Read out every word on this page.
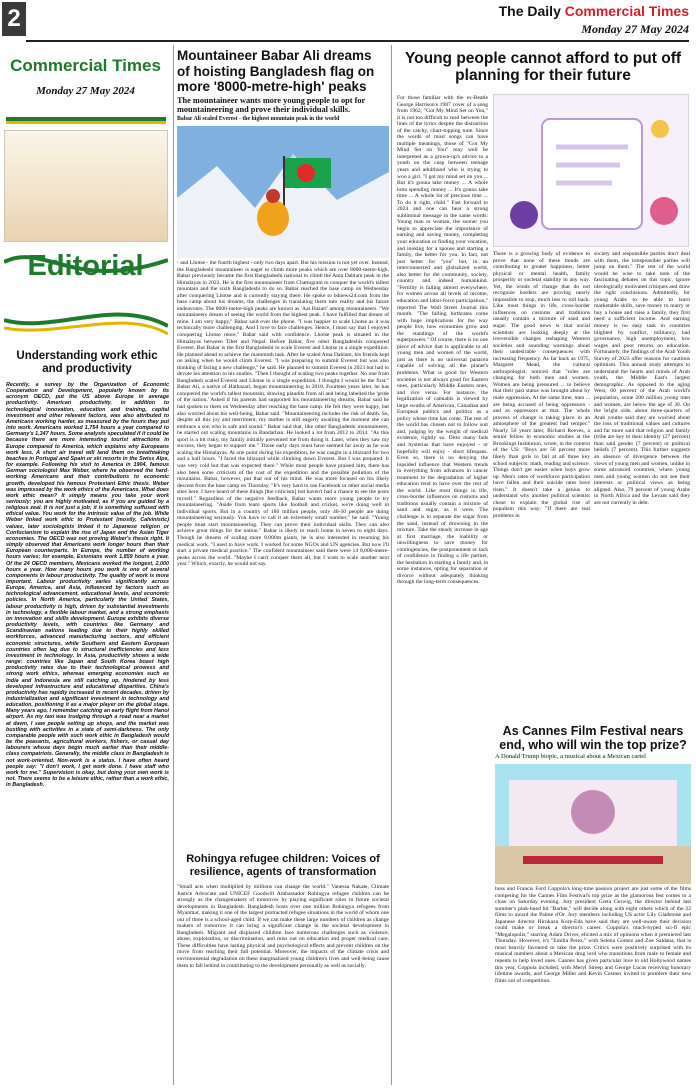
2	The Daily Commercial Times
Monday 27 May 2024
Commercial Times
Monday 27 May 2024
Editorial
Understanding work ethic and productivity
Recently, a survey by the Organization of Economic Cooperation and Development, popularly known by its acronym OECD, put the US above Europe in average productivity. American productivity, in addition to technological innovation, education and training, capital investment and other relevant factors, was also attributed to Americans working harder, as measured by the hours they put into work. Americans worked 1,754 hours a year compared to Germany's 1,347 hours. Some analysts speculated if it could be because there are more interesting tourist attractions in Europe compared to America, which explains why Europeans work less. A short air travel will land them on breathtaking beaches in Portugal and Spain or ski resorts in the Swiss Alps, for example. Following his visit to America in 1904, famous German sociologist Max Weber, where he observed the hard-working Americans and their contributions to economic growth, developed his famous Protestant Ethic thesis. Weber was impressed by the work ethics of the Americans. What does work ethic mean? It simply means you take your work seriously; you are highly motivated, as if you are guided by a religious zeal. It is not just a job; it is something suffused with ethical value. You work for the intrinsic value of the job. While Weber linked work ethic to Protestant (mostly, Calvinistic) values, later sociologists linked it to Japanese religion or Confucianism to explain the rise of Japan and the Asian Tiger economies. The OECD was not proving Weber's thesis right. It simply observed that Americans work longer hours than their European counterparts. In Europe, the number of working hours varies; for example, Estonians work 1,859 hours a year. Of the 24 OECD members, Mexicans worked the longest, 2,000 hours a year. How many hours you work is one of several components in labour productivity. The quality of work is more important. Labour productivity varies significantly across Europe, America, and Asia, influenced by factors such as technological advancement, educational levels, and economic policies. In North America, particularly the United States, labour productivity is high, driven by substantial investments in technology, a flexible labour market, and a strong emphasis on innovation and skills development. Europe exhibits diverse productivity levels, with countries like Germany and Scandinavian nations leading due to their highly skilled workforces, advanced manufacturing sectors, and efficient economic structures, while Southern and Eastern European countries often lag due to structural inefficiencies and less investment in technology. In Asia, productivity shows a wide range: countries like Japan and South Korea boast high productivity rates due to their technological prowess and strong work ethics, whereas emerging economies such as India and Indonesia are still catching up, hindered by less developed infrastructure and educational disparities. China's productivity has rapidly increased in recent decades, driven by industrialization and significant investment in technology and education, positioning it as a major player on the global stage. Many years ago, I remember catching an early flight from Hanoi airport. As my taxi was trudging through a road near a market at dawn, I saw people setting up shops, and the market was bustling with activities in a state of semi-darkness. The only comparable people with such work ethic in Bangladesh would be the peasants, agricultural workers, fishers, or casual day labourers whose days begin much earlier than their middle-class compatriots. Generally, the middle class in Bangladesh is not work-oriented. Non-work is a status. I have often heard people say: "I don't work, I get work done. I have staff who work for me." Supervision is okay, but doing your own work is not. There seems to be a leisure ethic, rather than a work ethic, in Bangladesh.
Mountaineer Babar Ali dreams of hoisting Bangladesh flag on more '8000-metre-high' peaks
The mountaineer wants more young people to opt for mountaineering and prove their individual skills.
Babar Ali scaled Everest - the highest mountain peak in the world
- and Lhotse - the fourth highest - only two days apart. But his mission is not yet over. Instead, the Bangladeshi mountaineer is eager to climb more peaks which are over 8000-metre-high. Babar previously became the first Bangladeshi national to climb the Ama Dablam peak in the Himalayas in 2022. He is the first mountaineer from Chattogram to conquer the world's tallest mountain and the sixth Bangladeshi to do so. Babar reached the base camp on Wednesday after conquering Lhotse and is currently staying there. He spoke to bdnews24.com from the base camp about his dreams, the challenges in translating them into reality and his future endeavours. The 8000-metre-high peaks are known as 'Aat Hazari' among mountaineers. "We mountaineers dream of seeing the world from the highest peak. I have fulfilled that dream of mine. I am very happy," Babar said over the phone. "I was happier to scale Lhotse as it was technically more challenging. And I love to face challenges. Hence, I must say that I enjoyed conquering Lhotse more," Babar said with confidence. Lhotse peak is situated in the Himalayas between Tibet and Nepal. Before Babar, five other Bangladeshis conquered Everest. But Babar is the first Bangladeshi to scale Everest and Lhotse in a single expedition. He planned ahead to achieve the mammoth task. After he scaled Ama Dablam, his friends kept on asking when he would climb Everest. "I was preparing to summit Everest but was also thinking of facing a new challenge," he said. He planned to summit Everest in 2023 but had to devote his attention to his studies. "Then I thought of scaling two peaks together. No one from Bangladesh scaled Everest and Lhotse in a single expedition. I thought I would be the first." Babar Ali, a native of Hathazari, began mountaineering in 2010. Fourteen years later, he has conquered the world's tallest mountain, drawing plaudits from all and being labelled the 'pride of the nation.' Asked if his parents had supported his mountaineering dreams, Babar said he had spoken to them on Wednesday after reaching the base camp. He felt they were happy, but also worried about his well-being, Babar said. "Mountaineering includes the risk of death. So, despite all this joy and merriment, my mother is still eagerly awaiting the moment she can embrace a son who is safe and sound." Babar said that, like other Bangladeshi mountaineers, he started out scaling mountains in Bandarban. He looked a lot from 2012 to 2014. "As this sport is a bit risky, my family initially prevented me from doing it. Later, when they saw my success, they began to support me." Those early days must have seemed far away as he was scaling the Himalayas. At one point during his expedition, he was caught in a blizzard for two and a half hours. "I faced the blizzard while climbing down Everest. But I was prepared. It was very cold but that was expected there." While most people have praised him, there has also been some criticism of the cost of the expedition and the possible pollution of the mountains. Babar, however, put that out of his mind. He was more focused on his likely descent from the base camp on Thursday. "It's very hard to use Facebook or other social media sites here. I have heard of these things [the criticism] but haven't had a chance to see the posts myself." Regardless of the negative feedback, Babar wants more young people to try mountaineering. "Aside from team sports like football and cricket, we're doing well in individual sports. But in a country of 180 million people, only 40-50 people are doing mountaineering seriously. You have to call it an extremely small number," he said. "Young people must start mountaineering. They can prove their individual skills. They can also achieve great things for the nation." Babar is likely to reach home in seven to eight days. Though he dreams of scaling more 8,000m giants, he is also interested in resuming his medical work. "I used to have work. I worked for some NGOs and UN agencies. But now I'll start a private medical practice." The confident mountaineer said there were 14 8,000-metre-peaks across the world. "Maybe I can't conquer them all, but I want to scale another next year." Which, exactly, he would not say.
Rohingya refugee children: Voices of resilience, agents of transformation
"Small acts when multiplied by millions can change the world." Vanessa Nakate, Climate Justice Advocate and UNICEF Goodwill Ambassador Rohingya refugee children can be strongly as the changemakers of tomorrow by playing significant roles in future societal developments in Bangladesh. Bangladesh hosts over one million Rohingya refugees from Myanmar, making it one of the largest protracted refugee situations in the world of whom one out of three is a school-aged child. If we can make these large numbers of children as change makers of tomorrow it can bring a significant change in the societal development in Bangladesh. Migrant and displaced children face numerous challenges such as violence, abuse, exploitation, or discrimination, and miss out on education and proper medical care. These difficulties have lasting physical and psychological effects and prevent children on the move from reaching their full potential. Moreover, the impacts of the climate crisis and environmental degradation on these marginalized young children's lives and well-being cause them to fall behind in contributing to the development personally as well as socially.
Young people cannot afford to put off planning for their future
For those familiar with the ex-Beatle George Harrison's 1987 cover of a song from 1962, "Got My Mind Set on You," it is not too difficult to read between the lines of the lyrics despite the distraction of the catchy, chart-topping tune. Since the words of most songs can have multiple meanings, those of "Got My Mind Set on You" may well be interpreted as a grown-up's advice to a youth on the cusp between teenage years and adulthood who is trying to woo a girl. "I got my mind set on you ... But it's gonna take money ... A whole lotta spending money ... It's gonna take time ... A whole lot of precious time ... To do it right, child." Fast forward to 2024 and one can hear a strong subliminal message in the same words: Young man or woman, the sooner you begin to appreciate the importance of earning and saving money, completing your education or finding your vocation, and looking for a spouse and starting a family, the better for you. In fact, not just better for "you" but, in an interconnected and globalized world, also better for the community, society, country and indeed humankind. "Fertility is falling almost everywhere, for women across all levels of income, education and labor-force participation," reported The Wall Street Journal this month. "The falling birthrates come with huge implications for the way people live, how economies grow and the standings of the world's superpowers." Of course, there is no one piece of advice that is applicable to all young men and women of the world, just as there is no universal panacea capable of solving all the planet's problems. What is good for Western societies is not always good for Eastern ones, particularly Middle Eastern ones, and vice versa. For instance, the legalization of cannabis is viewed by large swaths of American, Canadian and European publics and politics as a policy whose time has come. The rest of the world has chosen not to follow suit and, judging by the weight of medical evidence, rightly so. Ditto many fads and hysterias that have enjoyed - or hopefully will enjoy - short lifespans. Even so, there is no denying the lopsided influence that Western trends in everything from advances in cancer treatment to the degradation of higher education tend to have over the rest of the world. Like most things in life, cross-border influences on customs and traditions usually contain a mixture of sand and sugar, as it were. The challenge is to separate the sugar from the sand, instead of drowning in the mixture. Take the steady increase in age at first marriage, the inability or unwillingness to save money for contingencies, the postponement or lack of confidence in finding a life partner, the hesitation in starting a family and, in some instances, opting for separation or divorce without adequately thinking through the long-term consequences.
There is a growing body of evidence to prove that none of these trends are contributing to greater happiness, better physical or mental health, family prosperity or societal stability in any way. Yet, the winds of change that do not recognize borders are proving nearly impossible to stop, much less to roll back. Like most things in life, cross-border influences on customs and traditions usually contain a mixture of sand and sugar. The good news is that social scientists are looking deeply at the irreversible changes reshaping Western societies and sounding warnings about their undesirable consequences with increasing frequency. As far back as 1975, Margaret Mead, the cultural anthropologist, noticed that "roles are changing for both men and women. Women are being pressured ... to believe that their past status was brought about by male oppression. At the same time, men ... are being accused of being oppressors - and as oppressors at that. The whole process of change is taking place in an atmosphere of the greatest bad temper." Nearly 50 years later, Richard Reeves, a senior fellow in economic studies at the Brookings Institution, wrote, in the context of the US: "Boys are 50 percent more likely than girls to fail at all three key school subjects: math, reading and science. Things don't get easier when boys grow up. Men's rates of workforce participation have fallen and their suicide rates have risen." It doesn't take a genius to understand why another political scientist chose to explain the global rise of populism this way: "If there are real problems in
society and responsible parties don't deal with them, the irresponsible parties will jump on them." The rest of the world would be wise to take note of the fascinating debates on this topic, ignore ideologically motivated critiques and draw the right conclusions. Admittedly, for young Arabs to be able to learn marketable skills, save money to marry or buy a house and raise a family, they first need a sufficient income. And earning money is no easy task in countries blighted by conflict, militancy, bad governance, high unemployment, low wages and poor returns on education. Fortunately, the findings of the Arab Youth Survey of 2023 offer reasons for cautious optimism. This annual study attempts to understand the hearts and minds of Arab youth, the Middle East's largest demographic. As opposed to the aging West, 60 percent of the Arab world's population, some 200 million young men and women, are below the age of 30. On the bright side, about three-quarters of Arab youths said they are worried about the loss of traditional values and cultures and far more said that religion and family (tribe are key to their identity (27 percent) than said gender (7 percent) or political beliefs (7 percent). This further suggests an absence of divergence between the views of young men and women, unlike in some advanced countries, where young men and young women do not see their interests or political views as being aligned. Also, 79 percent of young Arabs in North Africa and the Levant said they are not currently in debt.
As Cannes Film Festival nears end, who will win the top prize?
A Donald Trump biopic, a musical about a Mexican cartel
boss and Francis Ford Coppola's long-time passion project are just some of the films competing for the Cannes Film Festival's top prize as the glamorous fest comes to a close on Saturday evening. Jury president Greta Gerwig, the director behind last summer's pink-hued hit "Barbie," will decide along with eight others which of the 22 films to award the Palme d'Or. Jury members including US actor Lily Gladstone and Japanese director Hirokazu Kore-Eda have said they are well-aware their decision could make or break a director's career. Coppola's much-hyped sci-fi epic "Megalopolis," starring Adam Driver, elicited a mix of opinions when it premiered last Thursday. However, it's "Emilia Perez," with Selena Gomez and Zoe Saldana, that is most heavily favoured to take the prize. Critics were positively surprised with its musical numbers about a Mexican drug lord who transitions from male to female and repents to help loved ones. Cannes has given particular love to old Hollywood names this year, Coppola included, with Meryl Streep and George Lucas receiving honorary lifetime awards, and George Miller and Kevin Costner invited to premiere their new films out of competition.
